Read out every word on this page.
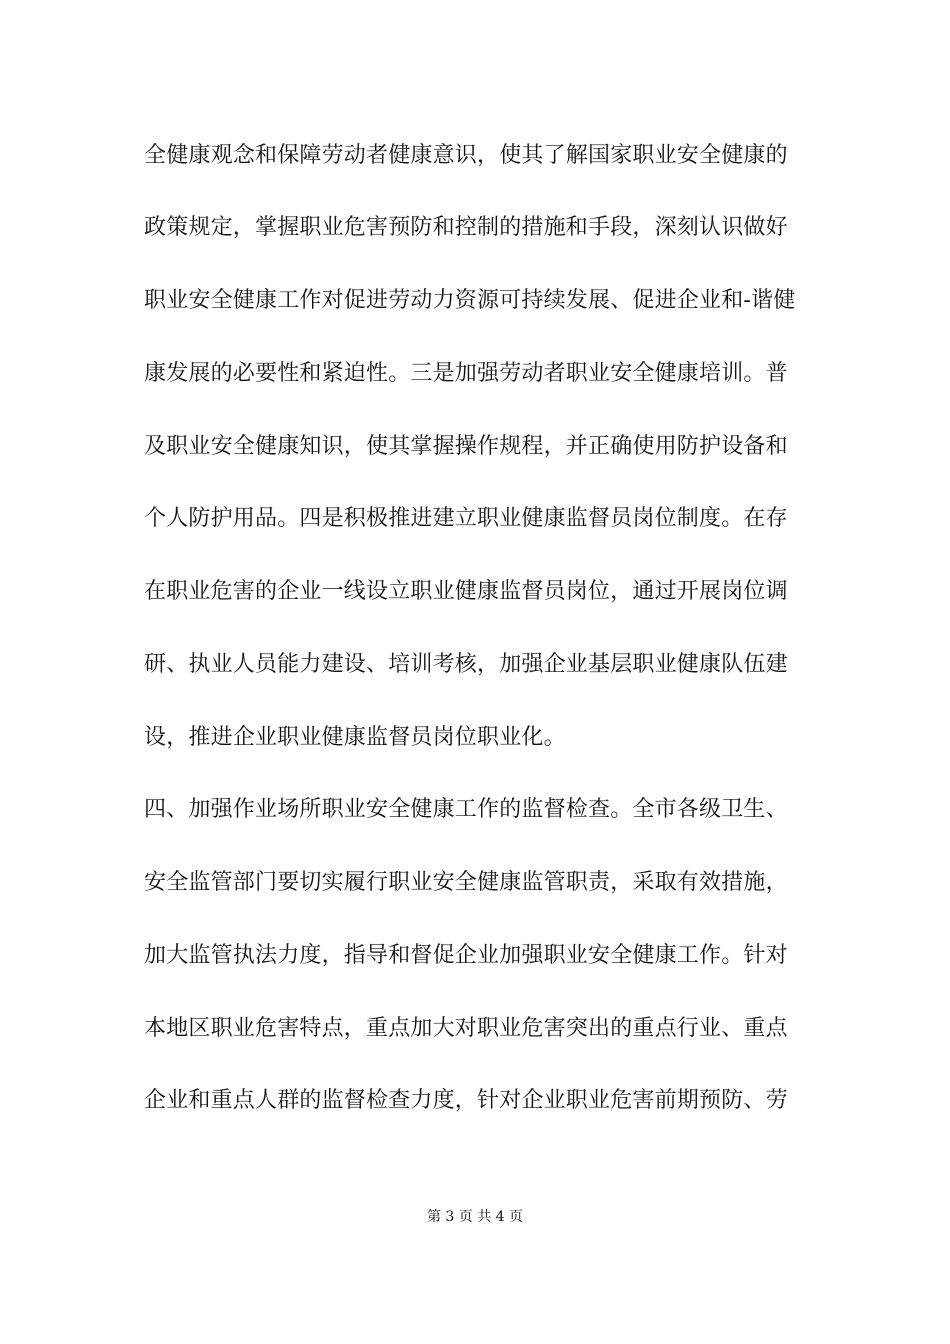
全健康观念和保障劳动者健康意识，使其了解国家职业安全健康的
政策规定，掌握职业危害预防和控制的措施和手段，深刻认识做好
职业安全健康工作对促进劳动力资源可持续发展、促进企业和-谐健
康发展的必要性和紧迫性。三是加强劳动者职业安全健康培训。普
及职业安全健康知识，使其掌握操作规程，并正确使用防护设备和
个人防护用品。四是积极推进建立职业健康监督员岗位制度。在存
在职业危害的企业一线设立职业健康监督员岗位，通过开展岗位调
研、执业人员能力建设、培训考核，加强企业基层职业健康队伍建
设，推进企业职业健康监督员岗位职业化。
四、加强作业场所职业安全健康工作的监督检查。全市各级卫生、
安全监管部门要切实履行职业安全健康监管职责，采取有效措施，
加大监管执法力度，指导和督促企业加强职业安全健康工作。针对
本地区职业危害特点，重点加大对职业危害突出的重点行业、重点
企业和重点人群的监督检查力度，针对企业职业危害前期预防、劳
第 3 页 共 4 页
